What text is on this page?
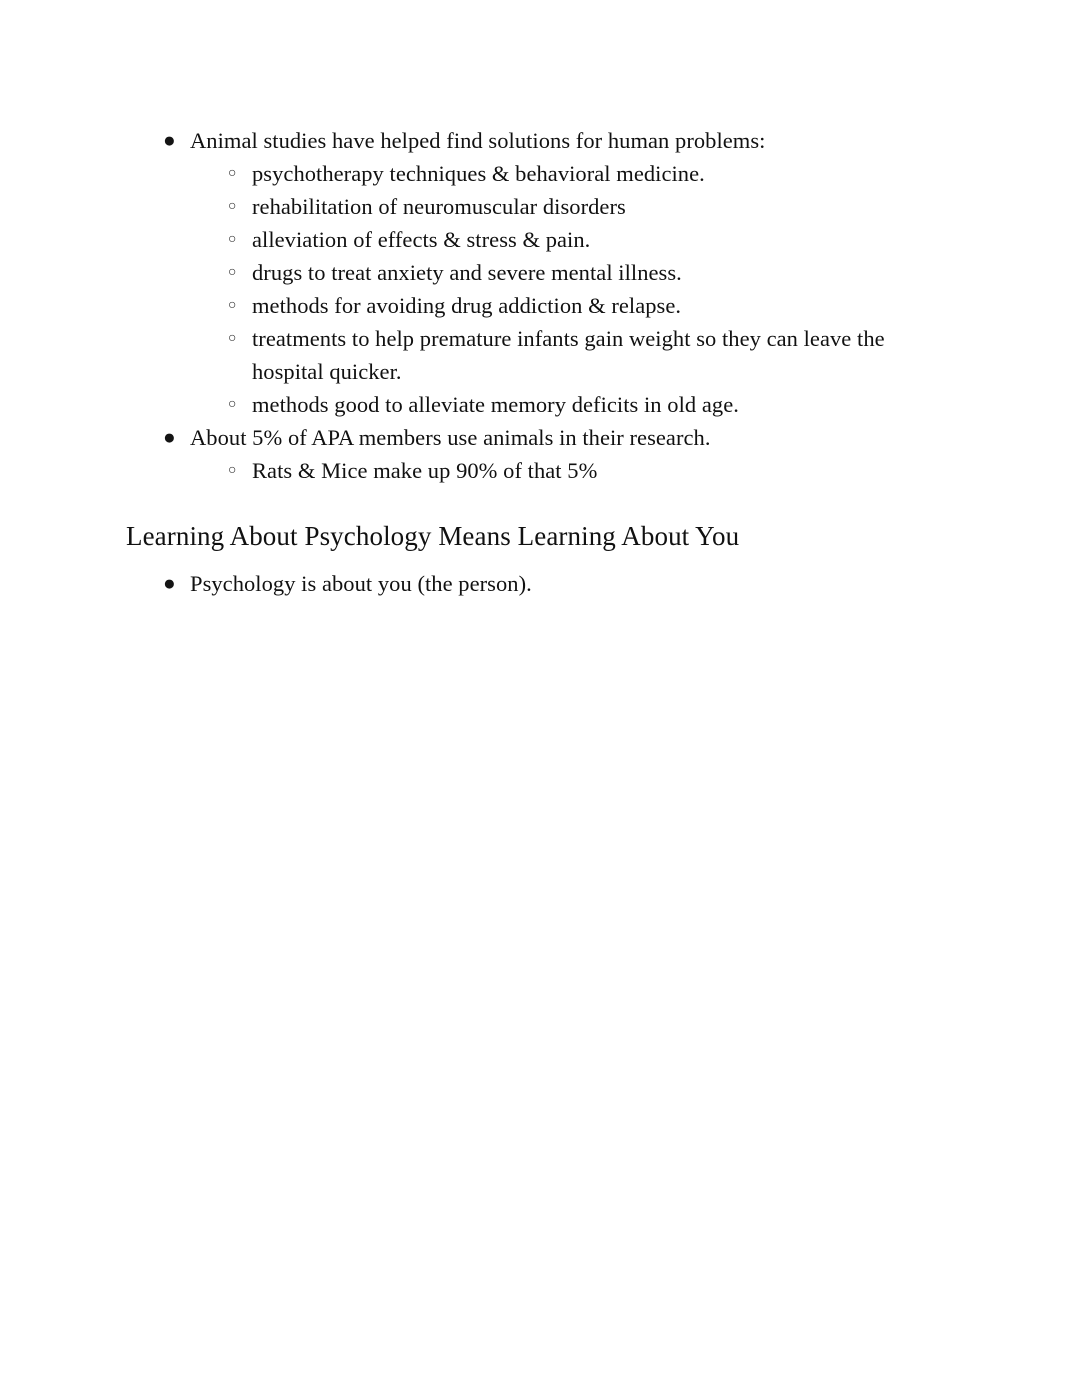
● Animal studies have helped find solutions for human problems:
○ psychotherapy techniques & behavioral medicine.
○ rehabilitation of neuromuscular disorders
○ alleviation of effects & stress & pain.
○ drugs to treat anxiety and severe mental illness.
○ methods for avoiding drug addiction & relapse.
○ treatments to help premature infants gain weight so they can leave the hospital quicker.
○ methods good to alleviate memory deficits in old age.
● About 5% of APA members use animals in their research.
○ Rats & Mice make up 90% of that 5%
Learning About Psychology Means Learning About You
● Psychology is about you (the person).
